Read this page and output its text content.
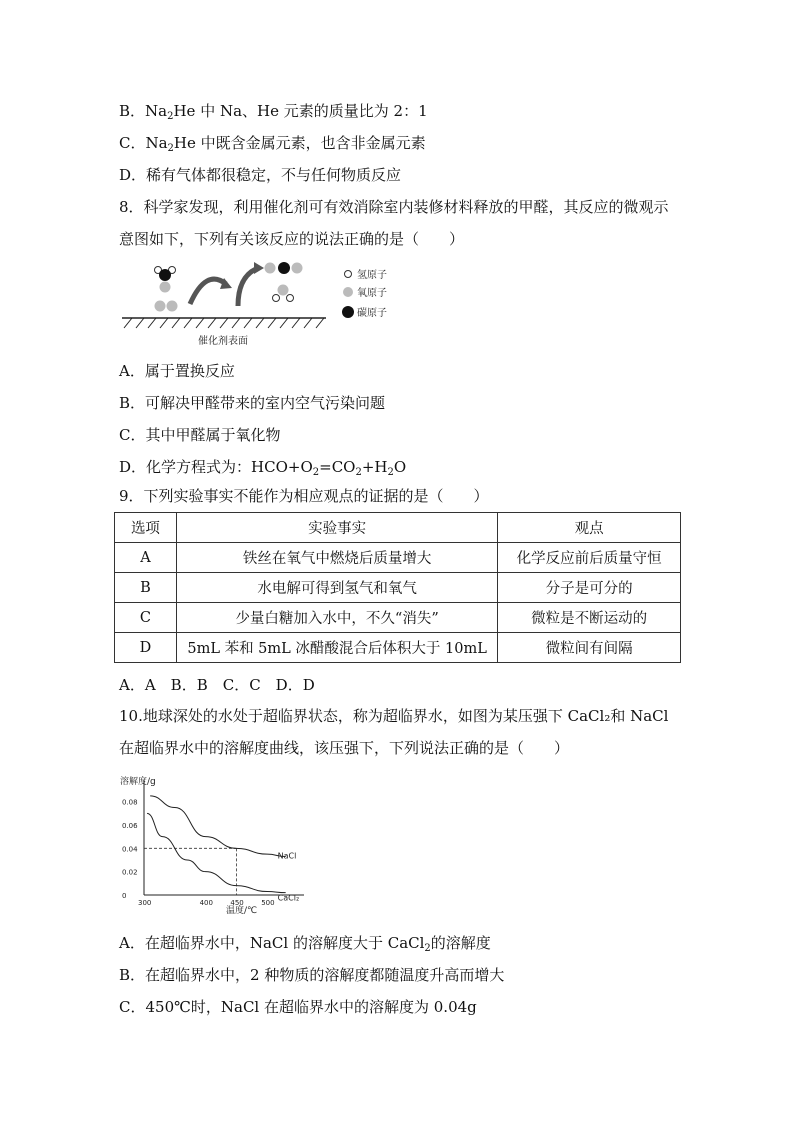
B．$Na_2He$ 中 Na、He 元素的质量比为 2：1
C．$Na_2He$ 中既含金属元素，也含非金属元素
D．稀有气体都很稳定，不与任何物质反应
8．科学家发现，利用催化剂可有效消除室内装修材料释放的甲醛，其反应的微观示意图如下，下列有关该反应的说法正确的是（　　）
氢原子
氧原子
碳原子
催化剂表面
A．属于置换反应
B．可解决甲醛带来的室内空气污染问题
C．其中甲醛属于氧化物
D．化学方程式为：$HCO+O_2=CO_2+H_2O$
9．下列实验事实不能作为相应观点的证据的是（　　）
选项	实验事实	观点
A	铁丝在氧气中燃烧后质量增大	化学反应前后质量守恒
B	水电解可得到氢气和氧气	分子是可分的
C	少量白糖加入水中，不久“消失”	微粒是不断运动的
D	5mL 苯和 5mL 冰醋酸混合后体积大于 10mL	微粒间有间隔
A．A　B．B　C．C　D．D
10.地球深处的水处于超临界状态，称为超临界水，如图为某压强下 CaCl₂和 NaCl 在超临界水中的溶解度曲线，该压强下，下列说法正确的是（　　）
溶解度/g
温度/℃
0.08
0.06
0.04
0.02
0
300	400 450 500
NaCl
CaCl₂
A．在超临界水中，NaCl 的溶解度大于 CaCl$_2$的溶解度
B．在超临界水中，2 种物质的溶解度都随温度升高而增大
C．450℃时，NaCl 在超临界水中的溶解度为 0.04g
